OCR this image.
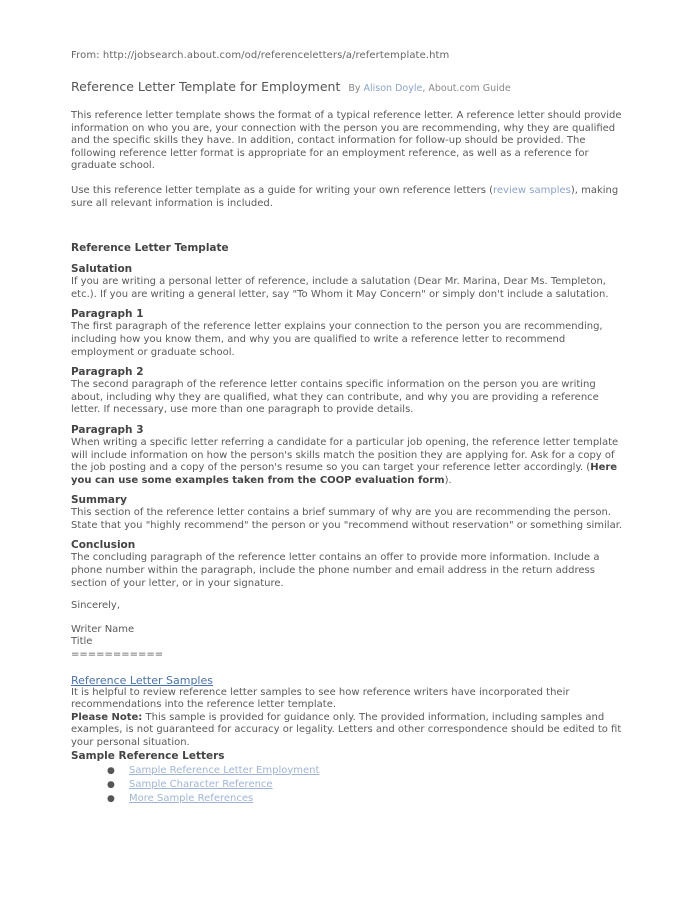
From: http://jobsearch.about.com/od/referenceletters/a/refertemplate.htm
Reference Letter Template for Employment By Alison Doyle, About.com Guide

This reference letter template shows the format of a typical reference letter. A reference letter should provide information on who you are, your connection with the person you are recommending, why they are qualified and the specific skills they have. In addition, contact information for follow-up should be provided. The following reference letter format is appropriate for an employment reference, as well as a reference for graduate school.

Use this reference letter template as a guide for writing your own reference letters (review samples), making sure all relevant information is included.

Reference Letter Template
Salutation

If you are writing a personal letter of reference, include a salutation (Dear Mr. Marina, Dear Ms. Templeton, etc.). If you are writing a general letter, say "To Whom it May Concern" or simply don't include a salutation.

Paragraph 1

The first paragraph of the reference letter explains your connection to the person you are recommending, including how you know them, and why you are qualified to write a reference letter to recommend employment or graduate school.

Paragraph 2

The second paragraph of the reference letter contains specific information on the person you are writing about, including why they are qualified, what they can contribute, and why you are providing a reference letter. If necessary, use more than one paragraph to provide details.

Paragraph 3

When writing a specific letter referring a candidate for a particular job opening, the reference letter template will include information on how the person's skills match the position they are applying for. Ask for a copy of the job posting and a copy of the person's resume so you can target your reference letter accordingly. (Here you can use some examples taken from the COOP evaluation form).

Summary

This section of the reference letter contains a brief summary of why are you are recommending the person. State that you "highly recommend" the person or you "recommend without reservation" or something similar.

Conclusion

The concluding paragraph of the reference letter contains an offer to provide more information. Include a phone number within the paragraph, include the phone number and email address in the return address section of your letter, or in your signature.

Sincerely,

Writer Name

Title

===========

Reference Letter Samples

It is helpful to review reference letter samples to see how reference writers have incorporated their recommendations into the reference letter template.

Please Note: This sample is provided for guidance only. The provided information, including samples and examples, is not guaranteed for accuracy or legality. Letters and other correspondence should be edited to fit your personal situation.

Sample Reference Letters
● Sample Reference Letter Employment
● Sample Character Reference
● More Sample References
